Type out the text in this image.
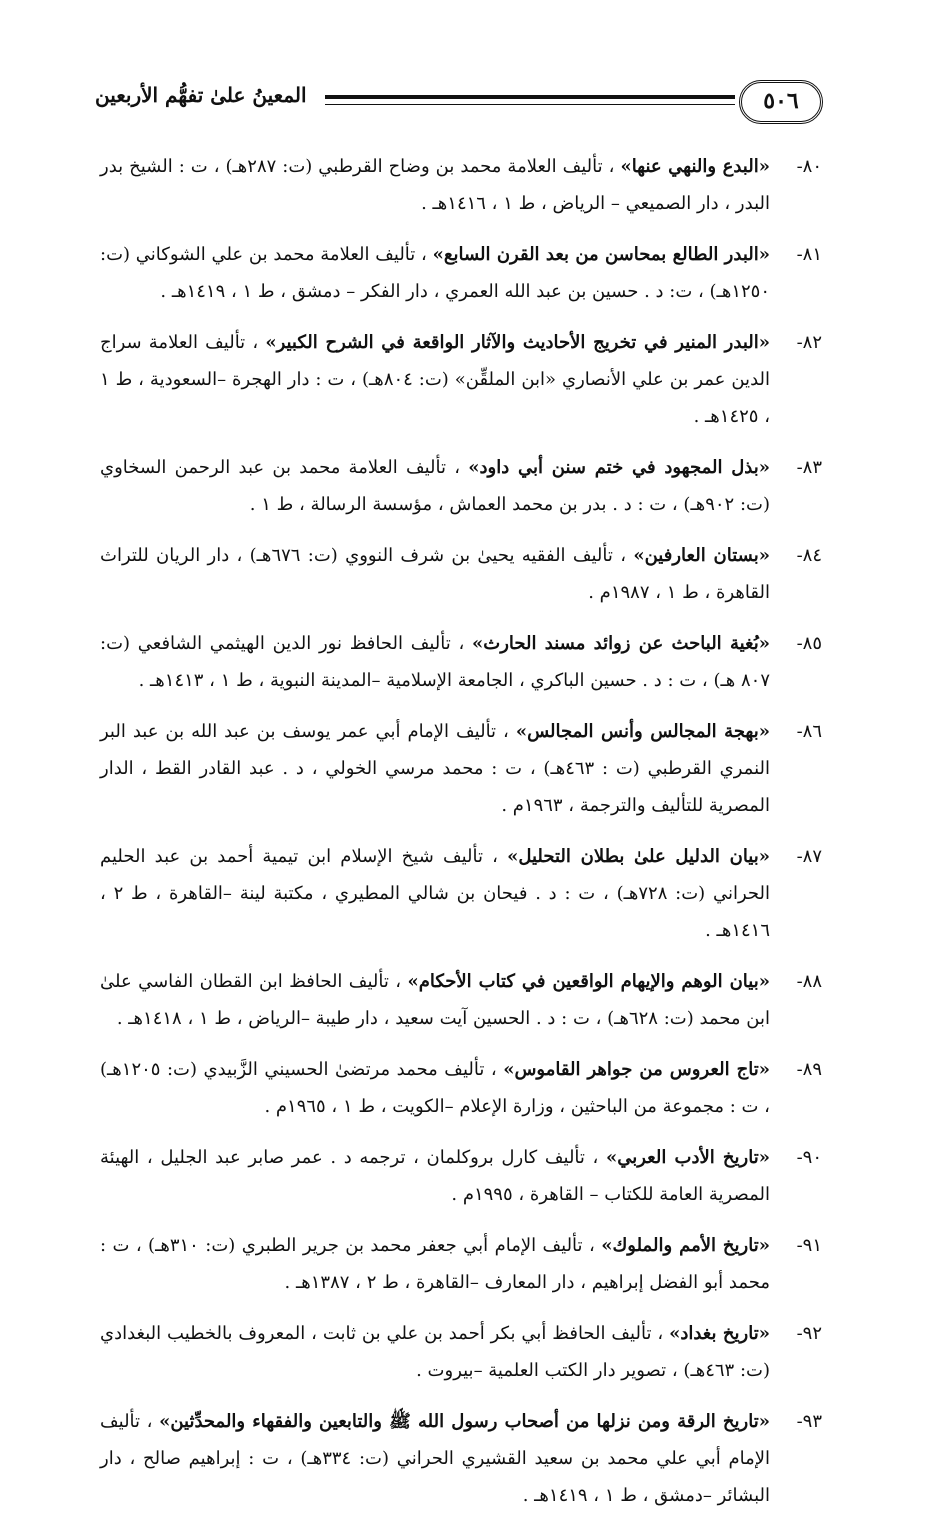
٥٠٦
المعينُ علىٰ تفهُّم الأربعين
٨٠-
«البدع والنهي عنها» ، تأليف العلامة محمد بن وضاح القرطبي (ت: ٢٨٧هـ) ، ت : الشيخ بدر البدر ، دار الصميعي – الرياض ، ط ١ ، ١٤١٦هـ .
٨١-
«البدر الطالع بمحاسن من بعد القرن السابع» ، تأليف العلامة محمد بن علي الشوكاني (ت: ١٢٥٠هـ) ، ت: د . حسين بن عبد الله العمري ، دار الفكر – دمشق ، ط ١ ، ١٤١٩هـ .
٨٢-
«البدر المنير في تخريج الأحاديث والآثار الواقعة في الشرح الكبير» ، تأليف العلامة سراج الدين عمر بن علي الأنصاري «ابن الملقِّن» (ت: ٨٠٤هـ) ، ت : دار الهجرة –السعودية ، ط ١ ، ١٤٢٥هـ .
٨٣-
«بذل المجهود في ختم سنن أبي داود» ، تأليف العلامة محمد بن عبد الرحمن السخاوي (ت: ٩٠٢هـ) ، ت : د . بدر بن محمد العماش ، مؤسسة الرسالة ، ط ١ .
٨٤-
«بستان العارفين» ، تأليف الفقيه يحيىٰ بن شرف النووي (ت: ٦٧٦هـ) ، دار الريان للتراث القاهرة ، ط ١ ، ١٩٨٧م .
٨٥-
«بُغية الباحث عن زوائد مسند الحارث» ، تأليف الحافظ نور الدين الهيثمي الشافعي (ت: ٨٠٧ هـ) ، ت : د . حسين الباكري ، الجامعة الإسلامية –المدينة النبوية ، ط ١ ، ١٤١٣هـ .
٨٦-
«بهجة المجالس وأنس المجالس» ، تأليف الإمام أبي عمر يوسف بن عبد الله بن عبد البر النمري القرطبي (ت : ٤٦٣هـ) ، ت : محمد مرسي الخولي ، د . عبد القادر القط ، الدار المصرية للتأليف والترجمة ، ١٩٦٣م .
٨٧-
«بيان الدليل علىٰ بطلان التحليل» ، تأليف شيخ الإسلام ابن تيمية أحمد بن عبد الحليم الحراني (ت: ٧٢٨هـ) ، ت : د . فيحان بن شالي المطيري ، مكتبة لينة –القاهرة ، ط ٢ ، ١٤١٦هـ .
٨٨-
«بيان الوهم والإيهام الواقعين في كتاب الأحكام» ، تأليف الحافظ ابن القطان الفاسي علىٰ ابن محمد (ت: ٦٢٨هـ) ، ت : د . الحسين آيت سعيد ، دار طيبة –الرياض ، ط ١ ، ١٤١٨هـ .
٨٩-
«تاج العروس من جواهر القاموس» ، تأليف محمد مرتضىٰ الحسيني الزَّبيدي (ت: ١٢٠٥هـ) ، ت : مجموعة من الباحثين ، وزارة الإعلام –الكويت ، ط ١ ، ١٩٦٥م .
٩٠-
«تاريخ الأدب العربي» ، تأليف كارل بروكلمان ، ترجمه د . عمر صابر عبد الجليل ، الهيئة المصرية العامة للكتاب – القاهرة ، ١٩٩٥م .
٩١-
«تاريخ الأمم والملوك» ، تأليف الإمام أبي جعفر محمد بن جرير الطبري (ت: ٣١٠هـ) ، ت : محمد أبو الفضل إبراهيم ، دار المعارف –القاهرة ، ط ٢ ، ١٣٨٧هـ .
٩٢-
«تاريخ بغداد» ، تأليف الحافظ أبي بكر أحمد بن علي بن ثابت ، المعروف بالخطيب البغدادي (ت: ٤٦٣هـ) ، تصوير دار الكتب العلمية –بيروت .
٩٣-
«تاريخ الرقة ومن نزلها من أصحاب رسول الله ﷺ والتابعين والفقهاء والمحدِّثين» ، تأليف الإمام أبي علي محمد بن سعيد القشيري الحراني (ت: ٣٣٤هـ) ، ت : إبراهيم صالح ، دار البشائر –دمشق ، ط ١ ، ١٤١٩هـ .
